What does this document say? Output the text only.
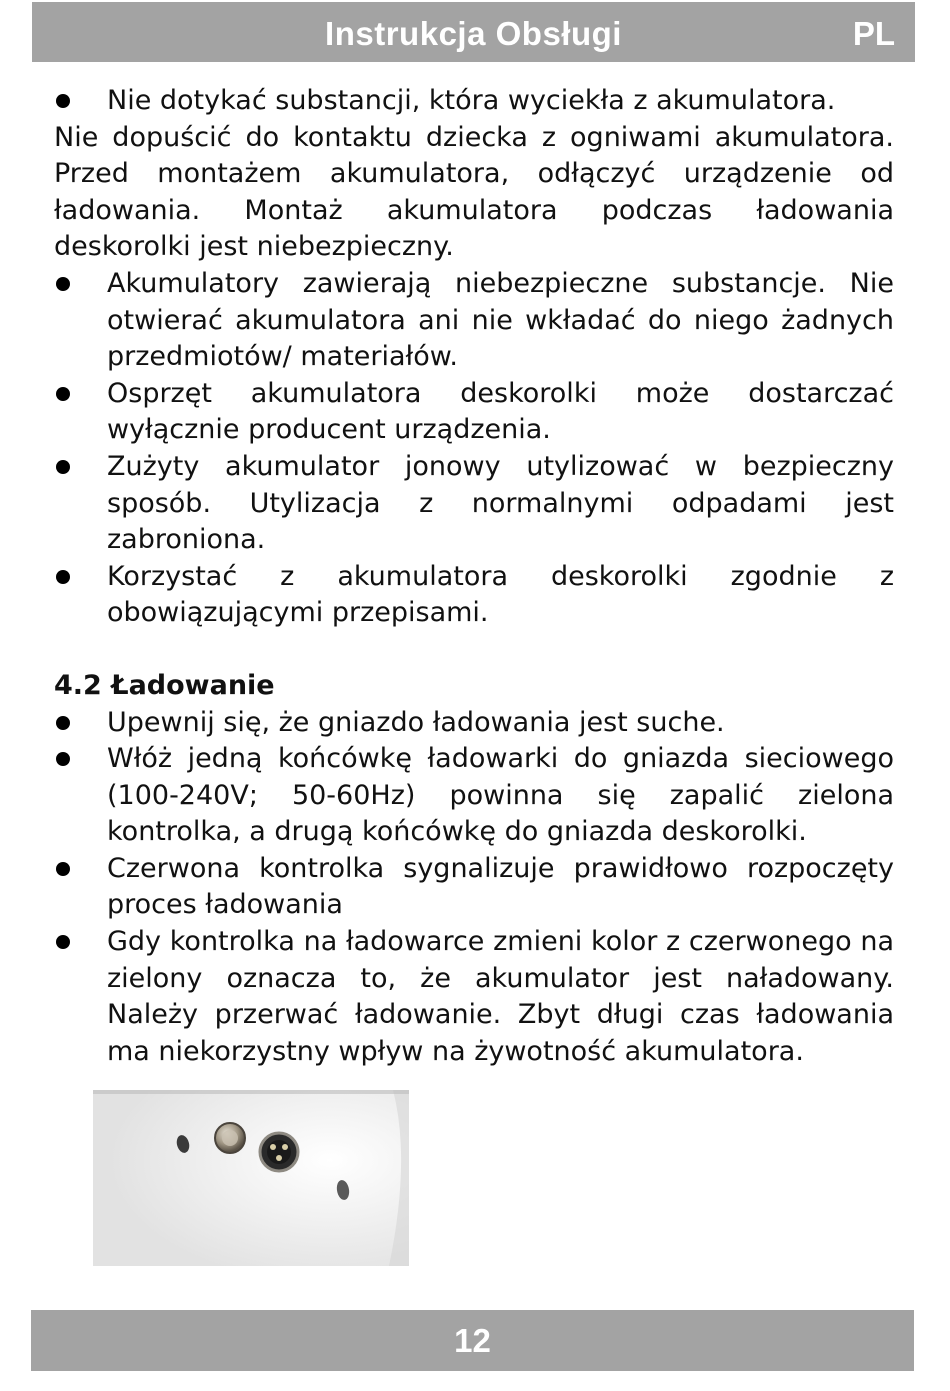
Instrukcja Obsługi	PL

Nie dotykać substancji, która wyciekła z akumulatora.

Nie dopuścić do kontaktu dziecka z ogniwami akumulatora. Przed montażem akumulatora, odłączyć urządzenie od ładowania. Montaż akumulatora podczas ładowania deskorolki jest niebezpieczny.

Akumulatory zawierają niebezpieczne substancje. Nie otwierać akumulatora ani nie wkładać do niego żadnych przedmiotów/ materiałów.

Osprzęt akumulatora deskorolki może dostarczać wyłącznie producent urządzenia.

Zużyty akumulator jonowy utylizować w bezpieczny sposób. Utylizacja z normalnymi odpadami jest zabroniona.

Korzystać z akumulatora deskorolki zgodnie z obowiązującymi przepisami.

4.2 Ładowanie

Upewnij się, że gniazdo ładowania jest suche.

Włóż jedną końcówkę ładowarki do gniazda sieciowego (100-240V; 50-60Hz) powinna się zapalić zielona kontrolka, a drugą końcówkę do gniazda deskorolki.

Czerwona kontrolka sygnalizuje prawidłowo rozpoczęty proces ładowania

Gdy kontrolka na ładowarce zmieni kolor z czerwonego na zielony oznacza to, że akumulator jest naładowany. Należy przerwać ładowanie. Zbyt długi czas ładowania ma niekorzystny wpływ na żywotność akumulatora.

12
